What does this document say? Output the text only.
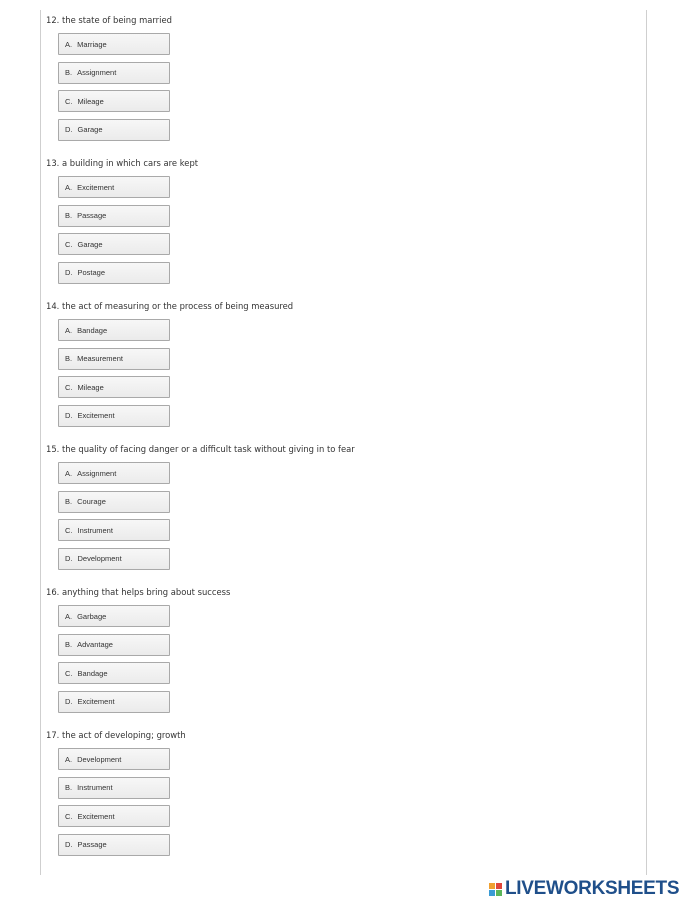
12. the state of being married
A. Marriage
B. Assignment
C. Mileage
D. Garage
13. a building in which cars are kept
A. Excitement
B. Passage
C. Garage
D. Postage
14. the act of measuring or the process of being measured
A. Bandage
B. Measurement
C. Mileage
D. Excitement
15. the quality of facing danger or a difficult task without giving in to fear
A. Assignment
B. Courage
C. Instrument
D. Development
16. anything that helps bring about success
A. Garbage
B. Advantage
C. Bandage
D. Excitement
17. the act of developing; growth
A. Development
B. Instrument
C. Excitement
D. Passage
LIVEWORKSHEETS
